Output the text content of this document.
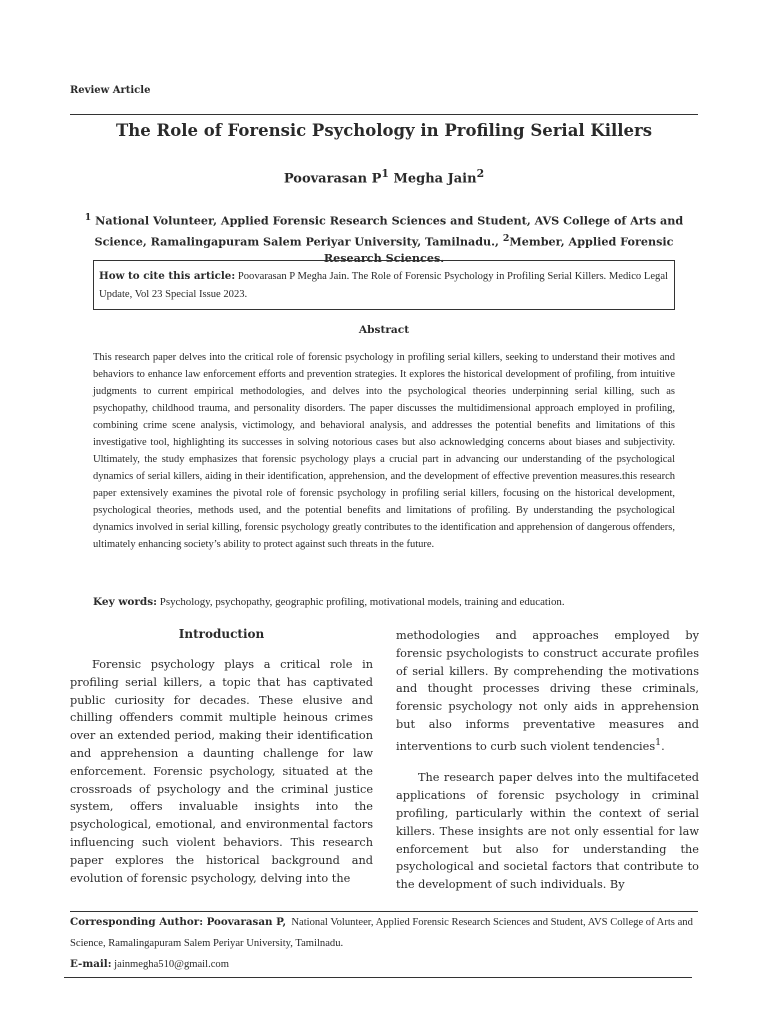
Review Article
The Role of Forensic Psychology in Profiling Serial Killers
Poovarasan $P^1$ Megha Jain$^2$
$^1$ National Volunteer, Applied Forensic Research Sciences and Student, AVS College of Arts and Science, Ramalingapuram Salem Periyar University, Tamilnadu., $^2$Member, Applied Forensic Research Sciences.
How to cite this article: Poovarasan P Megha Jain. The Role of Forensic Psychology in Profiling Serial Killers. Medico Legal Update, Vol 23 Special Issue 2023.
Abstract
This research paper delves into the critical role of forensic psychology in profiling serial killers, seeking to understand their motives and behaviors to enhance law enforcement efforts and prevention strategies. It explores the historical development of profiling, from intuitive judgments to current empirical methodologies, and delves into the psychological theories underpinning serial killing, such as psychopathy, childhood trauma, and personality disorders. The paper discusses the multidimensional approach employed in profiling, combining crime scene analysis, victimology, and behavioral analysis, and addresses the potential benefits and limitations of this investigative tool, highlighting its successes in solving notorious cases but also acknowledging concerns about biases and subjectivity. Ultimately, the study emphasizes that forensic psychology plays a crucial part in advancing our understanding of the psychological dynamics of serial killers, aiding in their identification, apprehension, and the development of effective prevention measures.this research paper extensively examines the pivotal role of forensic psychology in profiling serial killers, focusing on the historical development, psychological theories, methods used, and the potential benefits and limitations of profiling. By understanding the psychological dynamics involved in serial killing, forensic psychology greatly contributes to the identification and apprehension of dangerous offenders, ultimately enhancing society’s ability to protect against such threats in the future.
Key words: Psychology, psychopathy, geographic profiling, motivational models, training and education.
Introduction

Forensic psychology plays a critical role in profiling serial killers, a topic that has captivated public curiosity for decades. These elusive and chilling offenders commit multiple heinous crimes over an extended period, making their identification and apprehension a daunting challenge for law enforcement. Forensic psychology, situated at the crossroads of psychology and the criminal justice system, offers invaluable insights into the psychological, emotional, and environmental factors influencing such violent behaviors. This research paper explores the historical background and evolution of forensic psychology, delving into the

methodologies and approaches employed by forensic psychologists to construct accurate profiles of serial killers. By comprehending the motivations and thought processes driving these criminals, forensic psychology not only aids in apprehension but also informs preventative measures and interventions to curb such violent tendencies$^1$.

The research paper delves into the multifaceted applications of forensic psychology in criminal profiling, particularly within the context of serial killers. These insights are not only essential for law enforcement but also for understanding the psychological and societal factors that contribute to the development of such individuals. By

Corresponding Author: Poovarasan P, National Volunteer, Applied Forensic Research Sciences and Student, AVS College of Arts and Science, Ramalingapuram Salem Periyar University, Tamilnadu.
E-mail: jainmegha510@gmail.com
